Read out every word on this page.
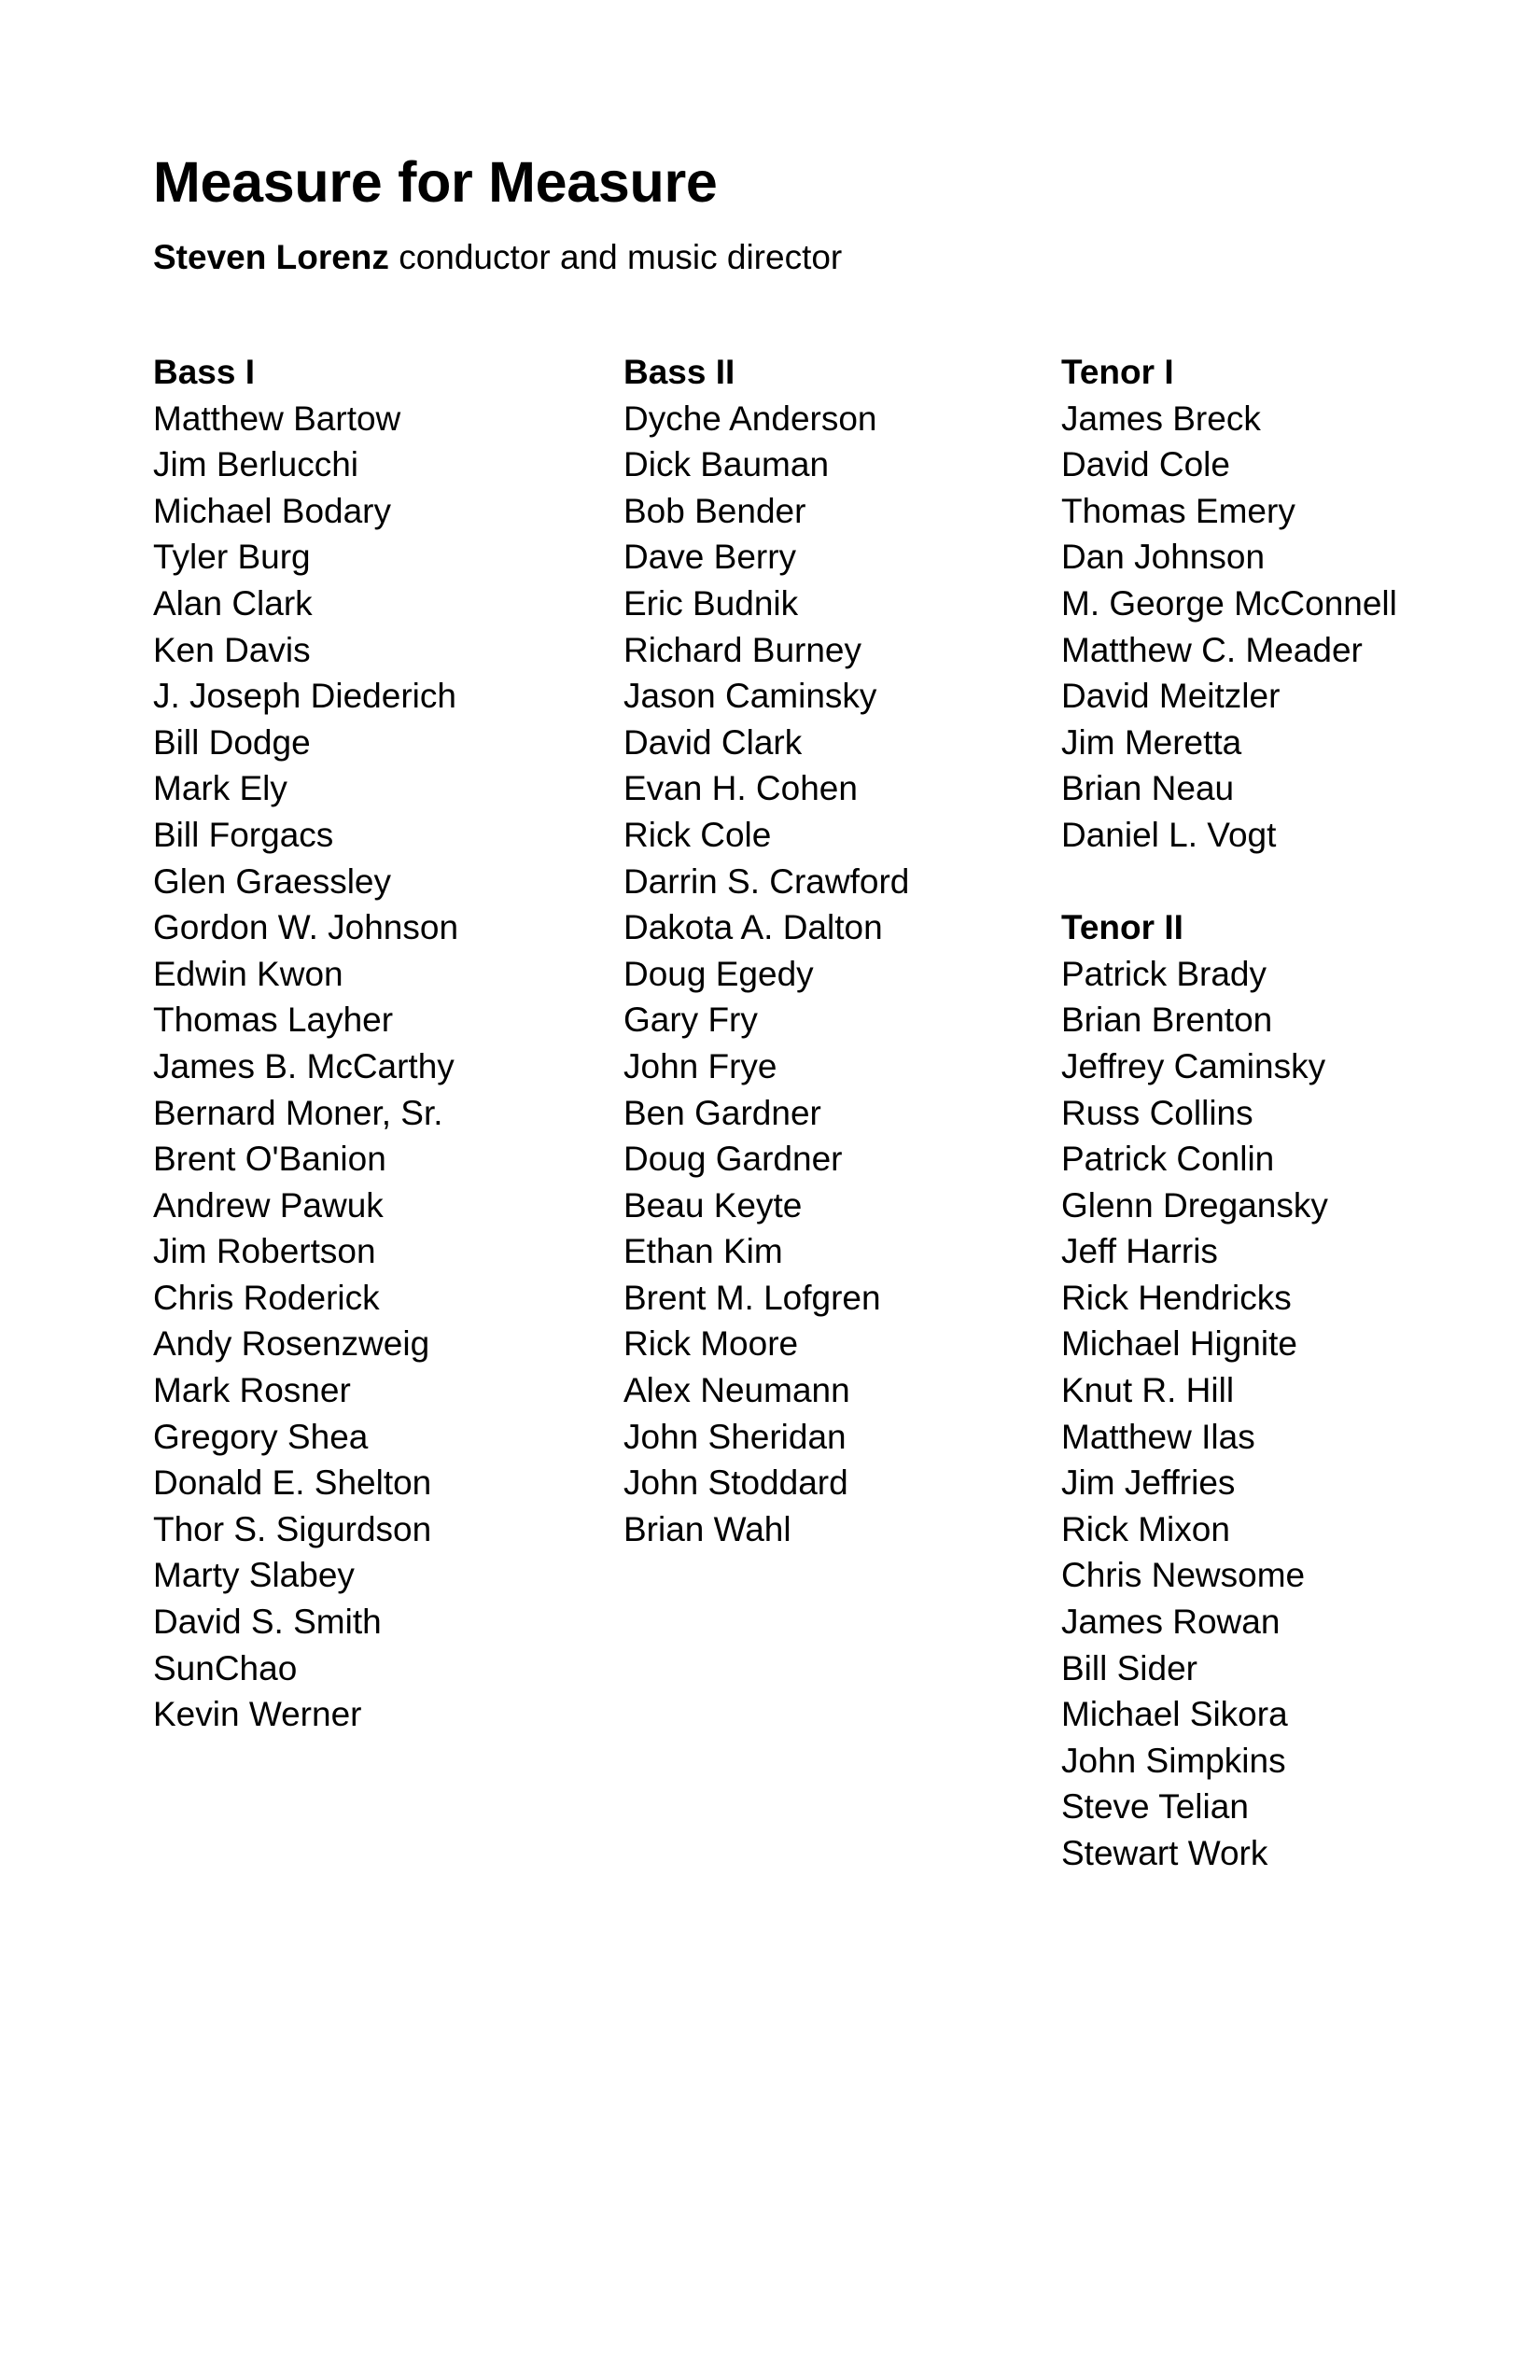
Measure for Measure

Steven Lorenz conductor and music director

Bass I
Matthew Bartow
Jim Berlucchi
Michael Bodary
Tyler Burg
Alan Clark
Ken Davis
J. Joseph Diederich
Bill Dodge
Mark Ely
Bill Forgacs
Glen Graessley
Gordon W. Johnson
Edwin Kwon
Thomas Layher
James B. McCarthy
Bernard Moner, Sr.
Brent O'Banion
Andrew Pawuk
Jim Robertson
Chris Roderick
Andy Rosenzweig
Mark Rosner
Gregory Shea
Donald E. Shelton
Thor S. Sigurdson
Marty Slabey
David S. Smith
SunChao
Kevin Werner
Bass II
Dyche Anderson
Dick Bauman
Bob Bender
Dave Berry
Eric Budnik
Richard Burney
Jason Caminsky
David Clark
Evan H. Cohen
Rick Cole
Darrin S. Crawford
Dakota A. Dalton
Doug Egedy
Gary Fry
John Frye
Ben Gardner
Doug Gardner
Beau Keyte
Ethan Kim
Brent M. Lofgren
Rick Moore
Alex Neumann
John Sheridan
John Stoddard
Brian Wahl
Tenor I
James Breck
David Cole
Thomas Emery
Dan Johnson
M. George McConnell
Matthew C. Meader
David Meitzler
Jim Meretta
Brian Neau
Daniel L. Vogt
Tenor II
Patrick Brady
Brian Brenton
Jeffrey Caminsky
Russ Collins
Patrick Conlin
Glenn Dregansky
Jeff Harris
Rick Hendricks
Michael Hignite
Knut R. Hill
Matthew Ilas
Jim Jeffries
Rick Mixon
Chris Newsome
James Rowan
Bill Sider
Michael Sikora
John Simpkins
Steve Telian
Stewart Work
